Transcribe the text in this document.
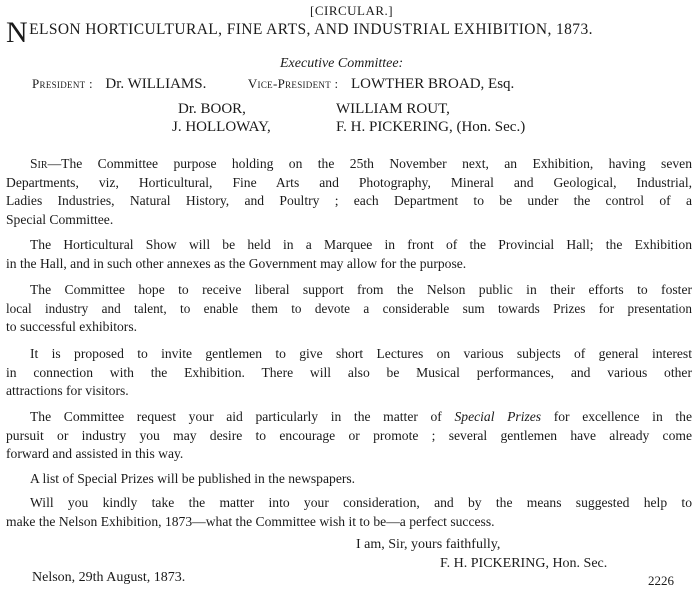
[CIRCULAR.]
NELSON HORTICULTURAL, FINE ARTS, AND INDUSTRIAL EXHIBITION, 1873.
Executive Committee:
President : Dr. WILLIAMS.	Vice-President : LOWTHER BROAD, Esq.
Dr. BOOR,
J. HOLLOWAY,
WILLIAM ROUT,
F. H. PICKERING, (Hon. Sec.)
Sir—The Committee purpose holding on the 25th November next, an Exhibition, having seven
Departments, viz, Horticultural, Fine Arts and Photography, Mineral and Geological, Industrial,
Ladies Industries, Natural History, and Poultry ; each Department to be under the control of a
Special Committee.
The Horticultural Show will be held in a Marquee in front of the Provincial Hall; the Exhibition
in the Hall, and in such other annexes as the Government may allow for the purpose.
The Committee hope to receive liberal support from the Nelson public in their efforts to foster
local industry and talent, to enable them to devote a considerable sum towards Prizes for presentation
to successful exhibitors.
It is proposed to invite gentlemen to give short Lectures on various subjects of general interest
in connection with the Exhibition. There will also be Musical performances, and various other
attractions for visitors.
The Committee request your aid particularly in the matter of Special Prizes for excellence in the
pursuit or industry you may desire to encourage or promote ; several gentlemen have already come
forward and assisted in this way.
A list of Special Prizes will be published in the newspapers.
Will you kindly take the matter into your consideration, and by the means suggested help to
make the Nelson Exhibition, 1873—what the Committee wish it to be—a perfect success.
I am, Sir, yours faithfully,
F. H. PICKERING, Hon. Sec.
Nelson, 29th August, 1873.	2226
